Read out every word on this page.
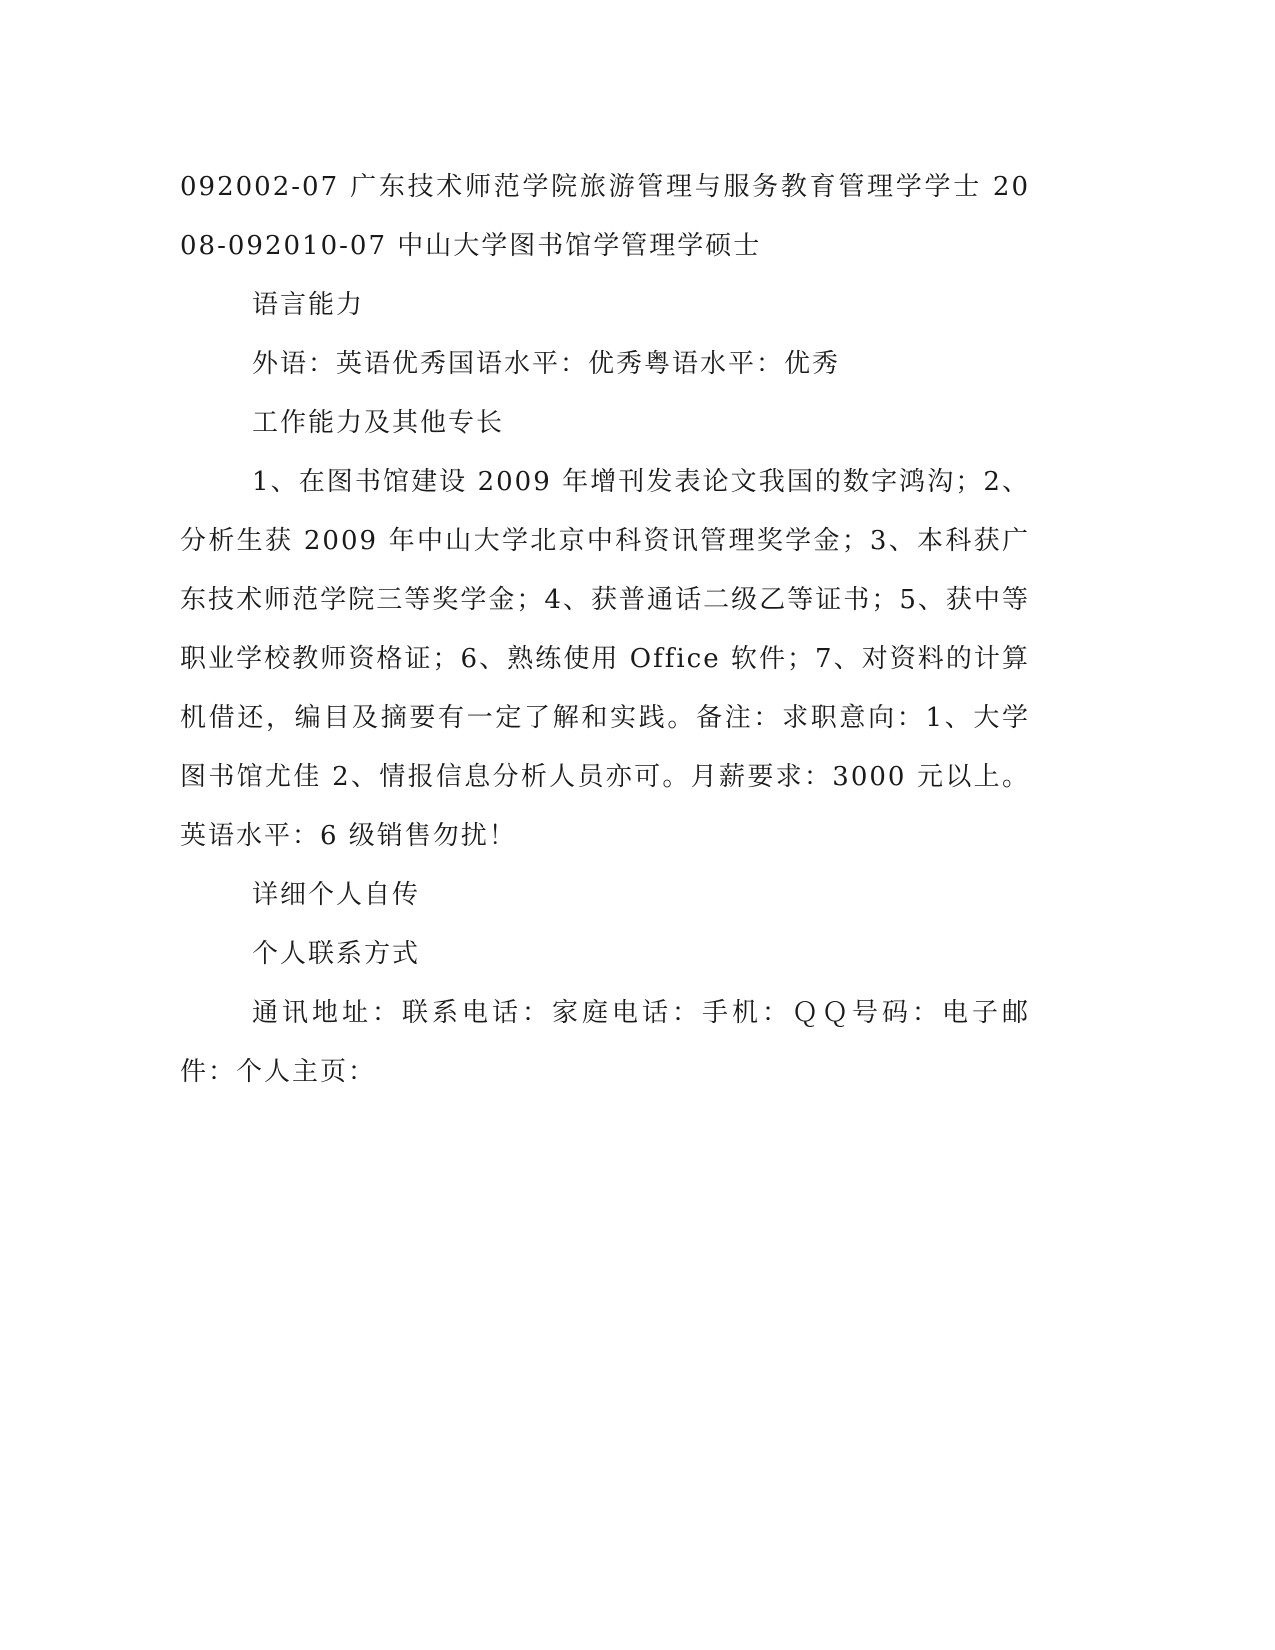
092002-07 广东技术师范学院旅游管理与服务教育管理学学士 2008-092010-07 中山大学图书馆学管理学硕士

语言能力

外语：英语优秀国语水平：优秀粤语水平：优秀

工作能力及其他专长

1、在图书馆建设 2009 年增刊发表论文我国的数字鸿沟；2、分析生获 2009 年中山大学北京中科资讯管理奖学金；3、本科获广东技术师范学院三等奖学金；4、获普通话二级乙等证书；5、获中等职业学校教师资格证；6、熟练使用 Office 软件；7、对资料的计算机借还，编目及摘要有一定了解和实践。备注：求职意向：1、大学图书馆尤佳 2、情报信息分析人员亦可。月薪要求：3000 元以上。英语水平：6 级销售勿扰！

详细个人自传

个人联系方式

通讯地址：联系电话：家庭电话：手机：ＱＱ号码：电子邮件：个人主页：
